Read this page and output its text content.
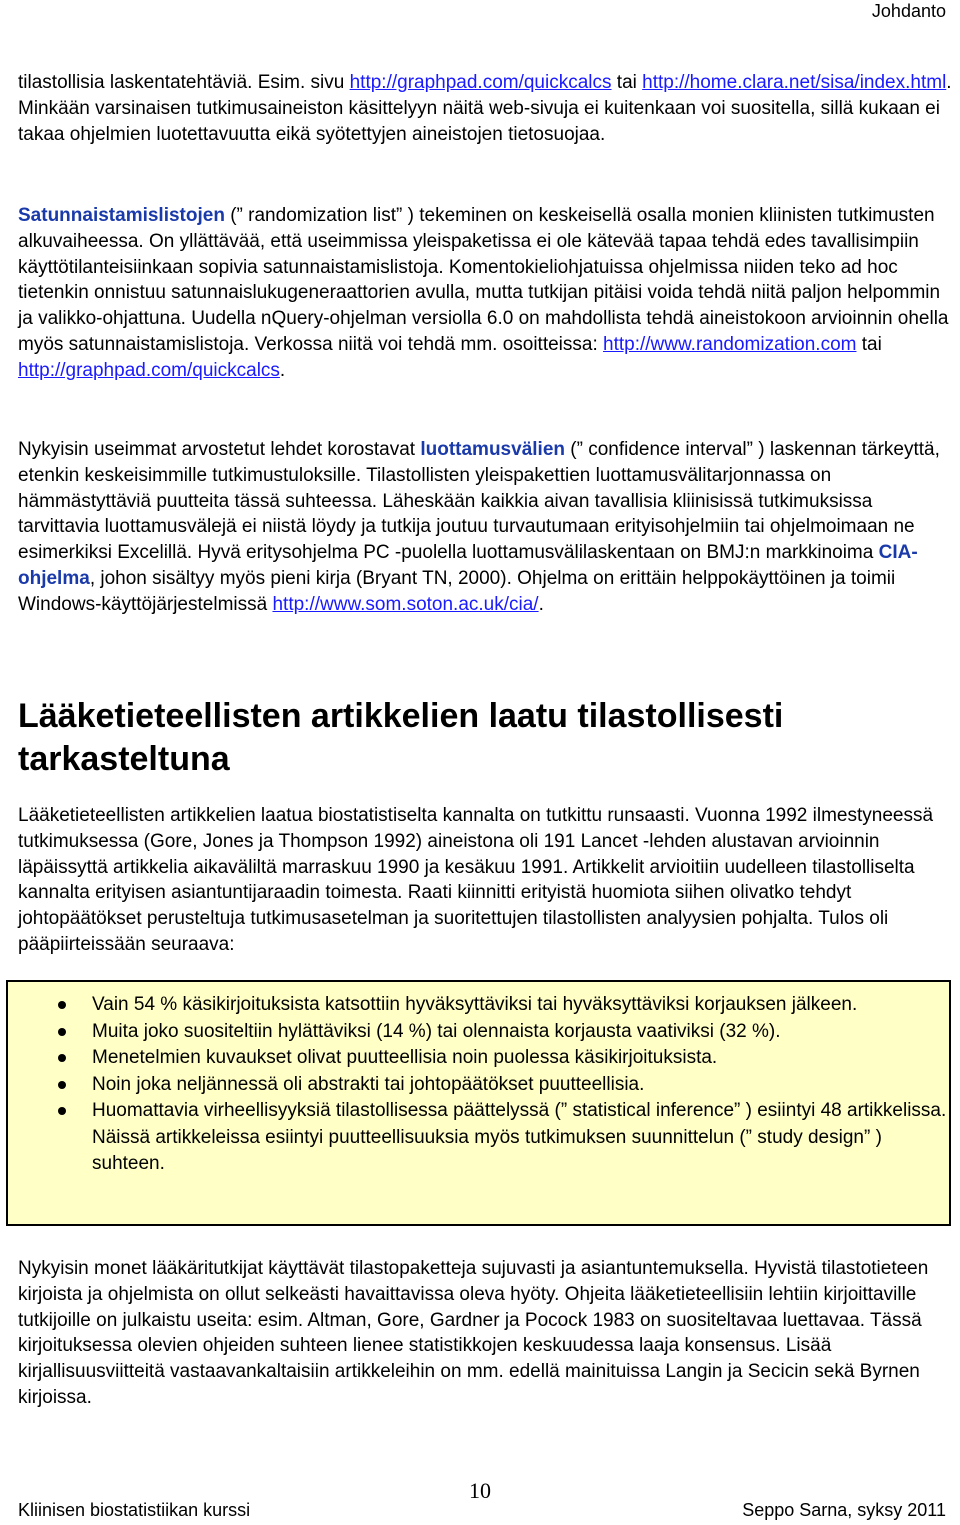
Johdanto

tilastollisia laskentatehtäviä. Esim. sivu http://graphpad.com/quickcalcs tai http://home.clara.net/sisa/index.html. Minkään varsinaisen tutkimusaineiston käsittelyyn näitä web-sivuja ei kuitenkaan voi suositella, sillä kukaan ei takaa ohjelmien luotettavuutta eikä syötettyjen aineistojen tietosuojaa.

Satunnaistamislistojen (” randomization list” ) tekeminen on keskeisellä osalla monien kliinisten tutkimusten alkuvaiheessa. On yllättävää, että useimmissa yleispaketissa ei ole kätevää tapaa tehdä edes tavallisimpiin käyttötilanteisiinkaan sopivia satunnaistamislistoja. Komentokieliohjatuissa ohjelmissa niiden teko ad hoc tietenkin onnistuu satunnaislukugeneraattorien avulla, mutta tutkijan pitäisi voida tehdä niitä paljon helpommin ja valikko-ohjattuna. Uudella nQuery-ohjelman versiolla 6.0 on mahdollista tehdä aineistokoon arvioinnin ohella myös satunnaistamislistoja. Verkossa niitä voi tehdä mm. osoitteissa: http://www.randomization.com tai http://graphpad.com/quickcalcs.

Nykyisin useimmat arvostetut lehdet korostavat luottamusvälien (” confidence interval” ) laskennan tärkeyttä, etenkin keskeisimmille tutkimustuloksille. Tilastollisten yleispakettien luottamusvälitarjonnassa on hämmästyttäviä puutteita tässä suhteessa. Läheskään kaikkia aivan tavallisia kliinisissä tutkimuksissa tarvittavia luottamusvälejä ei niistä löydy ja tutkija joutuu turvautumaan erityisohjelmiin tai ohjelmoimaan ne esimerkiksi Excelillä. Hyvä eritysohjelma PC -puolella luottamusvälilaskentaan on BMJ:n markkinoima CIA-ohjelma, johon sisältyy myös pieni kirja (Bryant TN, 2000). Ohjelma on erittäin helppokäyttöinen ja toimii Windows-käyttöjärjestelmissä http://www.som.soton.ac.uk/cia/.

Lääketieteellisten artikkelien laatu tilastollisesti tarkasteltuna

Lääketieteellisten artikkelien laatua biostatistiselta kannalta on tutkittu runsaasti. Vuonna 1992 ilmestyneessä tutkimuksessa (Gore, Jones ja Thompson 1992) aineistona oli 191 Lancet -lehden alustavan arvioinnin läpäissyttä artikkelia aikaväliltä marraskuu 1990 ja kesäkuu 1991. Artikkelit arvioitiin uudelleen tilastolliselta kannalta erityisen asiantuntijaraadin toimesta. Raati kiinnitti erityistä huomiota siihen olivatko tehdyt johtopäätökset perusteltuja tutkimusasetelman ja suoritettujen tilastollisten analyysien pohjalta. Tulos oli pääpiirteissään seuraava:

Vain 54 % käsikirjoituksista katsottiin hyväksyttäviksi tai hyväksyttäviksi korjauksen jälkeen.
Muita joko suositeltiin hylättäviksi (14 %) tai olennaista korjausta vaativiksi (32 %).
Menetelmien kuvaukset olivat puutteellisia noin puolessa käsikirjoituksista.
Noin joka neljännessä oli abstrakti tai johtopäätökset puutteellisia.
Huomattavia virheellisyyksiä tilastollisessa päättelyssä (” statistical inference” ) esiintyi 48 artikkelissa. Näissä artikkeleissa esiintyi puutteellisuuksia myös tutkimuksen suunnittelun (” study design” ) suhteen.

Nykyisin monet lääkäritutkijat käyttävät tilastopaketteja sujuvasti ja asiantuntemuksella. Hyvistä tilastotieteen kirjoista ja ohjelmista on ollut selkeästi havaittavissa oleva hyöty. Ohjeita lääketieteellisiin lehtiin kirjoittaville tutkijoille on julkaistu useita: esim. Altman, Gore, Gardner ja Pocock 1983 on suositeltavaa luettavaa. Tässä kirjoituksessa olevien ohjeiden suhteen lienee statistikkojen keskuudessa laaja konsensus. Lisää kirjallisuusviitteitä vastaavankaltaisiin artikkeleihin on mm. edellä mainituissa Langin ja Secicin sekä Byrnen kirjoissa.

10
Kliinisen biostatistiikan kurssi	Seppo Sarna, syksy 2011
